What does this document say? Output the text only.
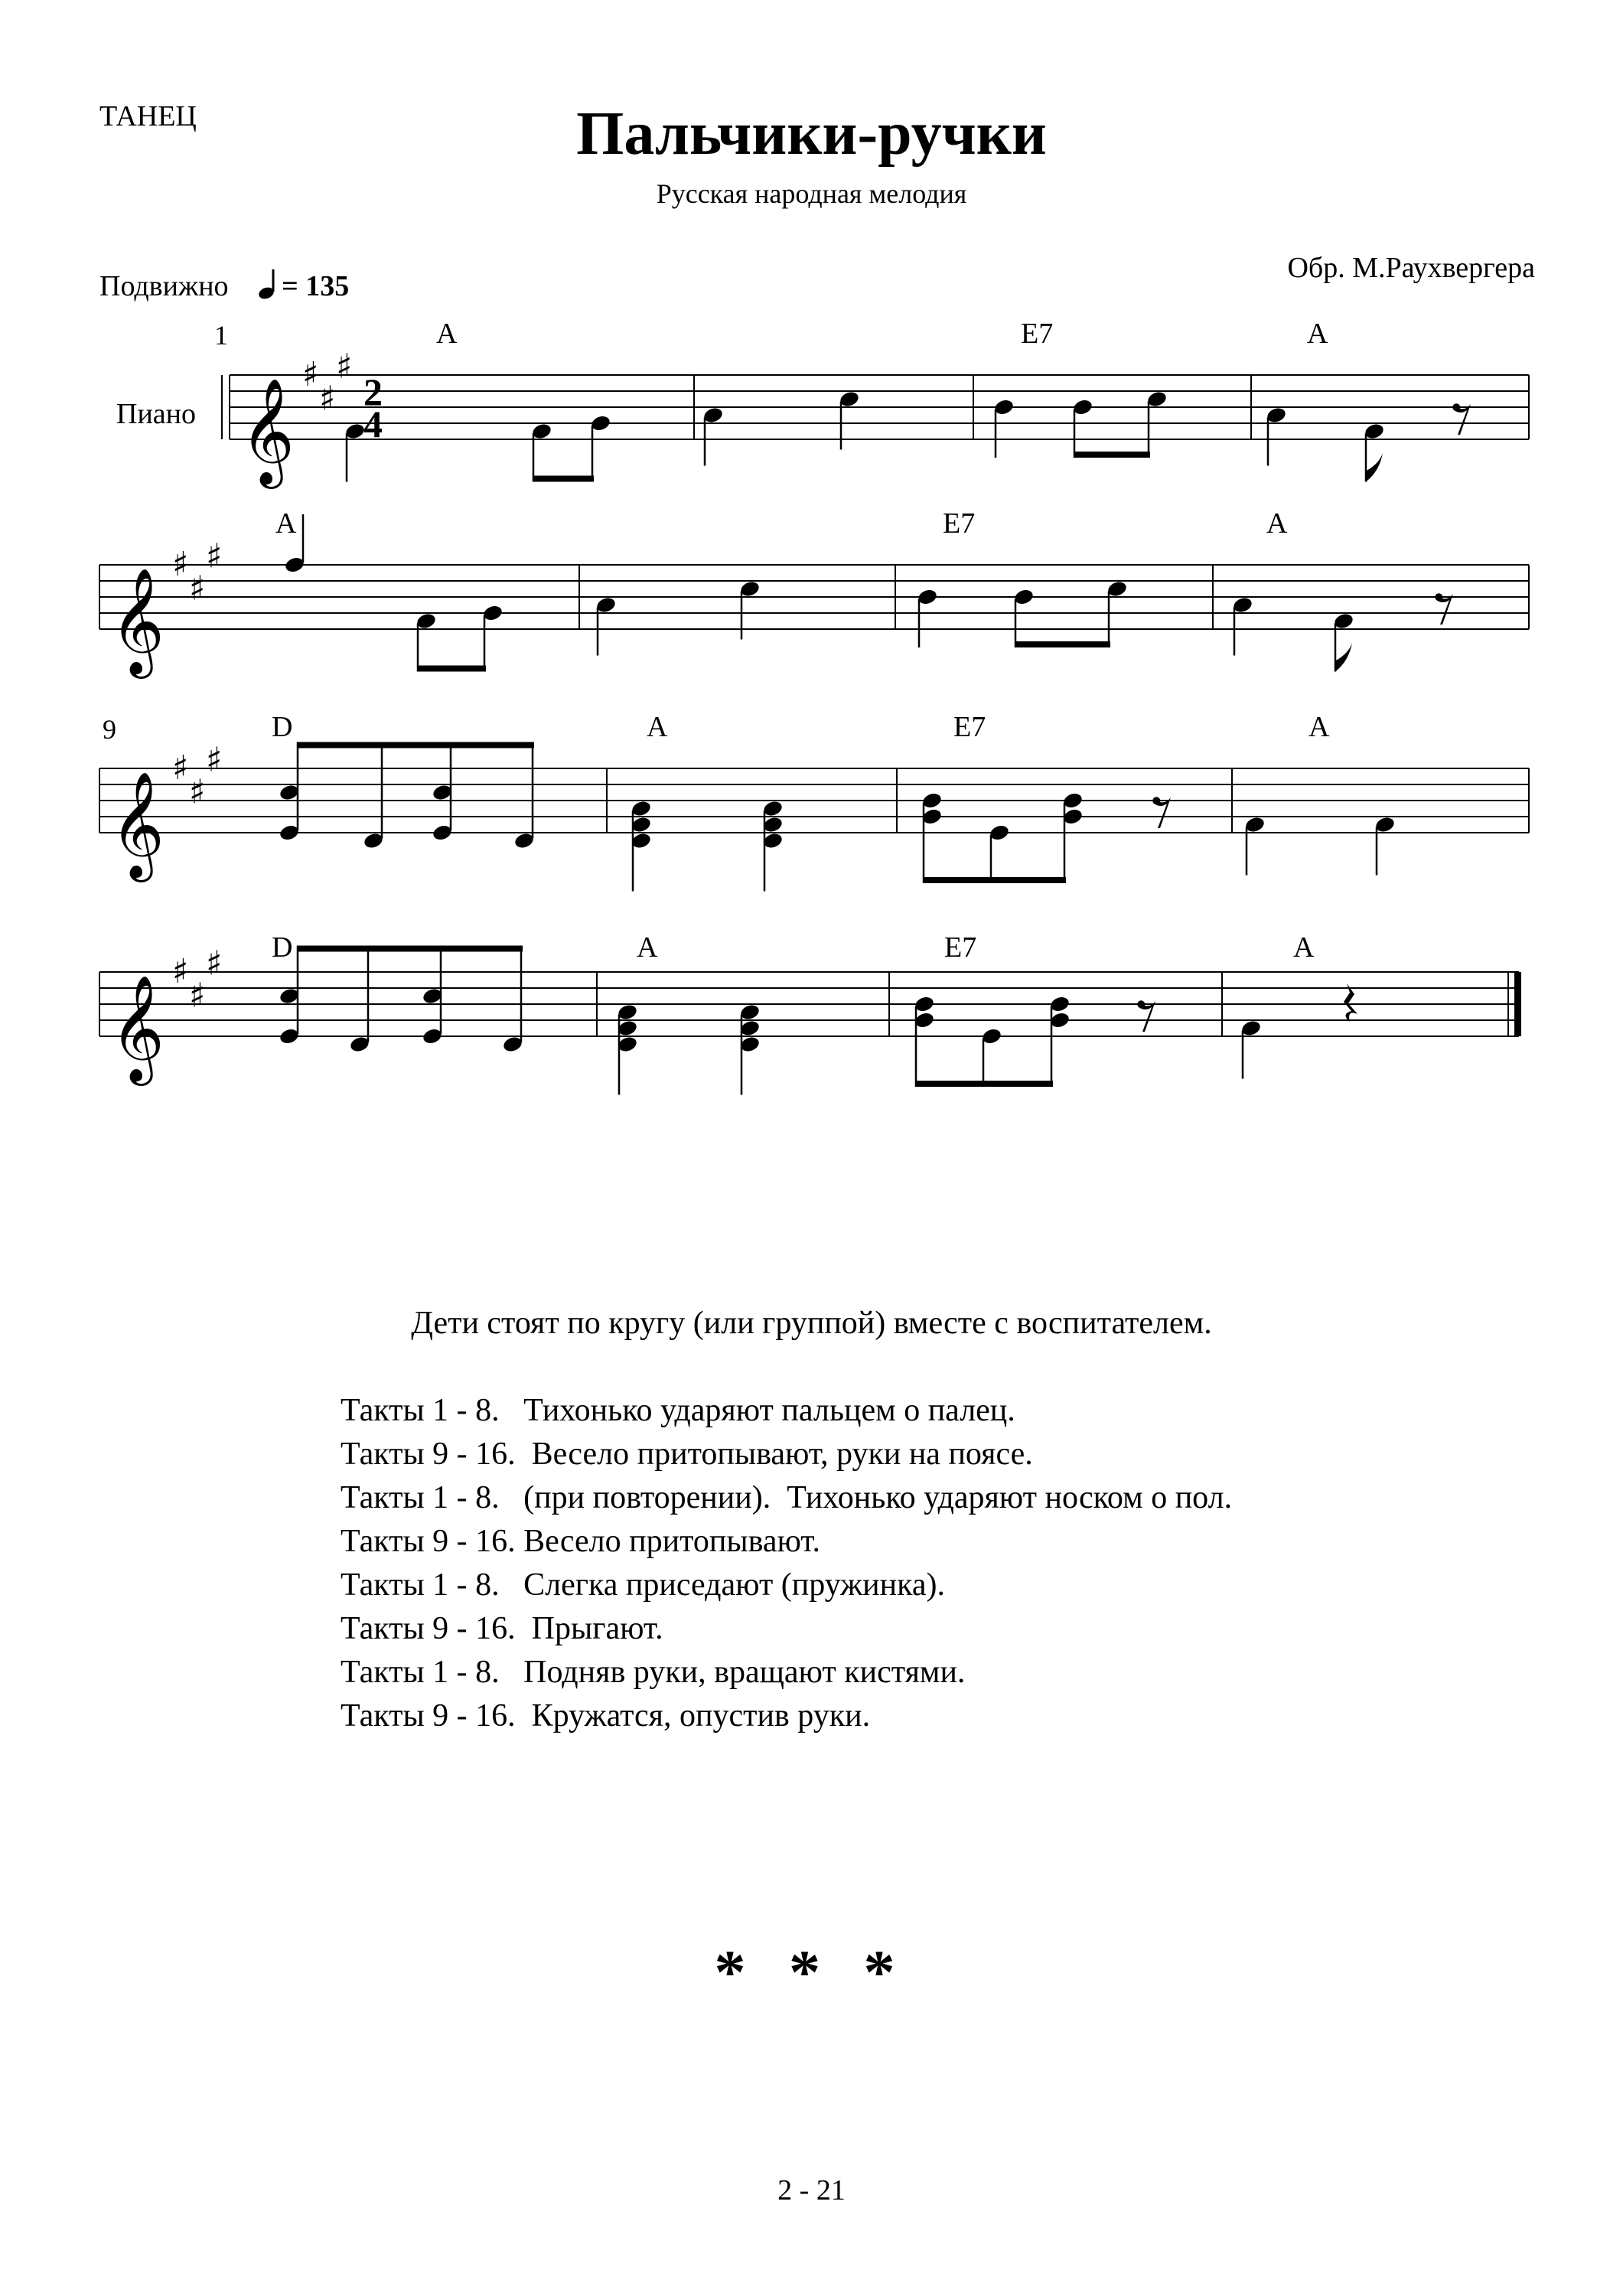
ТАНЕЦ	Пальчики-ручки
Русская народная мелодия
Подвижно = 135
Обр. М.Раухвергера
Пиано 𝄞
♯
♯
♯
2
4
1	A	E7	A
𝄞
♯
♯
♯
A	E7	A
𝄞
♯
♯
♯
9	D	A	E7	A
𝄞
♯
♯
♯ D	A	E7	A
Дети стоят по кругу (или группой) вместе с воспитателем.
Такты 1 - 8.   Тихонько ударяют пальцем о палец.
Такты 9 - 16.  Весело притопывают, руки на поясе.
Такты 1 - 8.   (при повторении).  Тихонько ударяют носком о пол.
Такты 9 - 16. Весело притопывают.
Такты 1 - 8.   Слегка приседают (пружинка).
Такты 9 - 16.  Прыгают.
Такты 1 - 8.   Подняв руки, вращают кистями.
Такты 9 - 16.  Кружатся, опустив руки.
* * *
2 - 21
